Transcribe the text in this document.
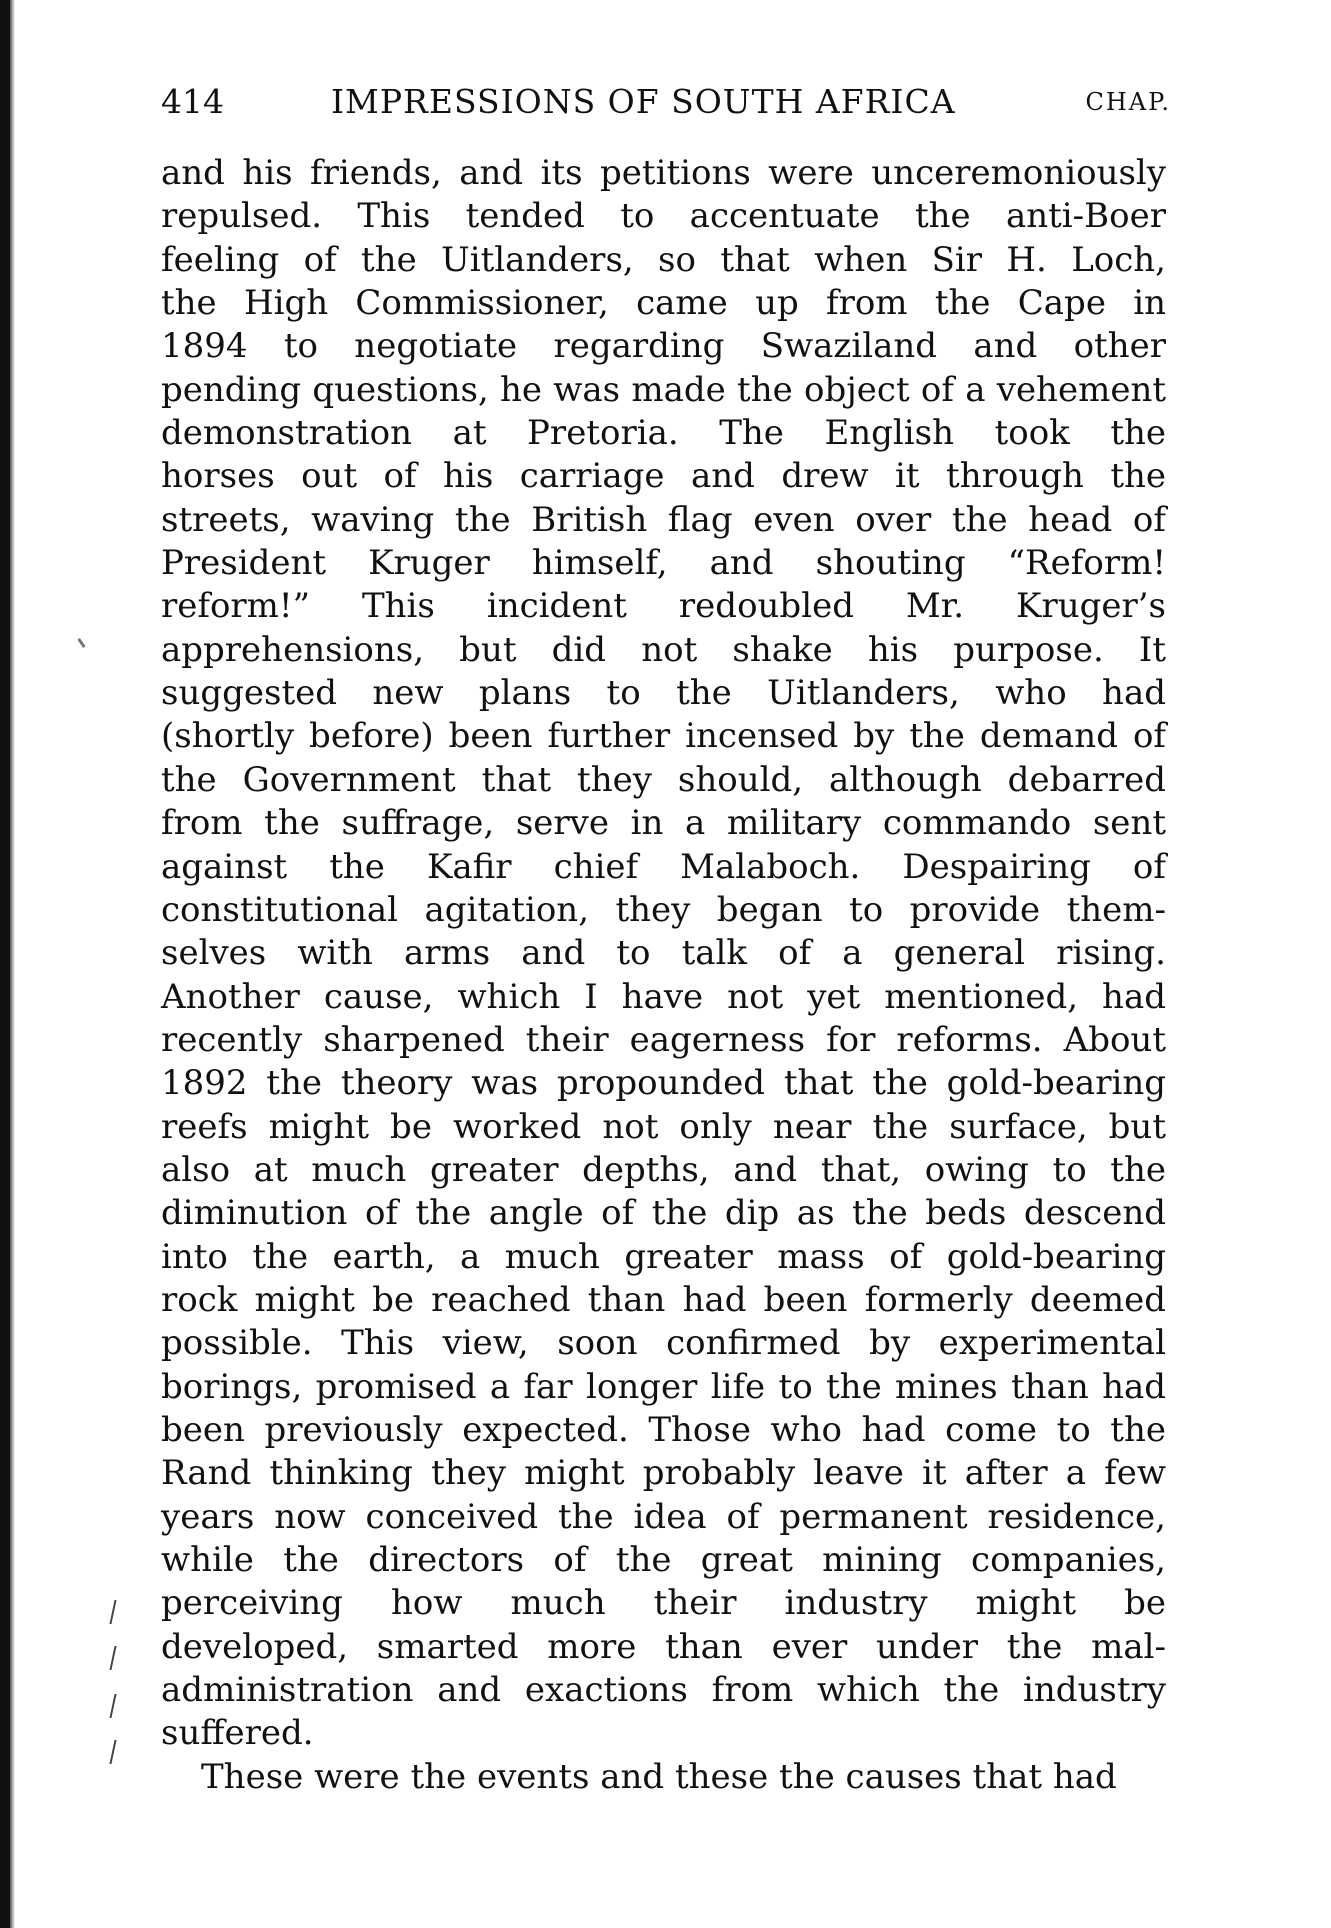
414	IMPRESSIONS OF SOUTH AFRICA	CHAP.
and his friends, and its petitions were unceremoniously
repulsed. This tended to accentuate the anti-Boer
feeling of the Uitlanders, so that when Sir H. Loch,
the High Commissioner, came up from the Cape in
1894 to negotiate regarding Swaziland and other
pending questions, he was made the object of a vehement
demonstration at Pretoria. The English took the
horses out of his carriage and drew it through the
streets, waving the British flag even over the head of
President Kruger himself, and shouting “Reform!
reform!” This incident redoubled Mr. Kruger’s
apprehensions, but did not shake his purpose. It
suggested new plans to the Uitlanders, who had
(shortly before) been further incensed by the demand of
the Government that they should, although debarred
from the suffrage, serve in a military commando sent
against the Kafir chief Malaboch. Despairing of
constitutional agitation, they began to provide them-
selves with arms and to talk of a general rising.
Another cause, which I have not yet mentioned, had
recently sharpened their eagerness for reforms. About
1892 the theory was propounded that the gold-bearing
reefs might be worked not only near the surface, but
also at much greater depths, and that, owing to the
diminution of the angle of the dip as the beds descend
into the earth, a much greater mass of gold-bearing
rock might be reached than had been formerly deemed
possible. This view, soon confirmed by experimental
borings, promised a far longer life to the mines than had
been previously expected. Those who had come to the
Rand thinking they might probably leave it after a few
years now conceived the idea of permanent residence,
while the directors of the great mining companies,
perceiving how much their industry might be
developed, smarted more than ever under the mal-
administration and exactions from which the industry
suffered.
These were the events and these the causes that had
